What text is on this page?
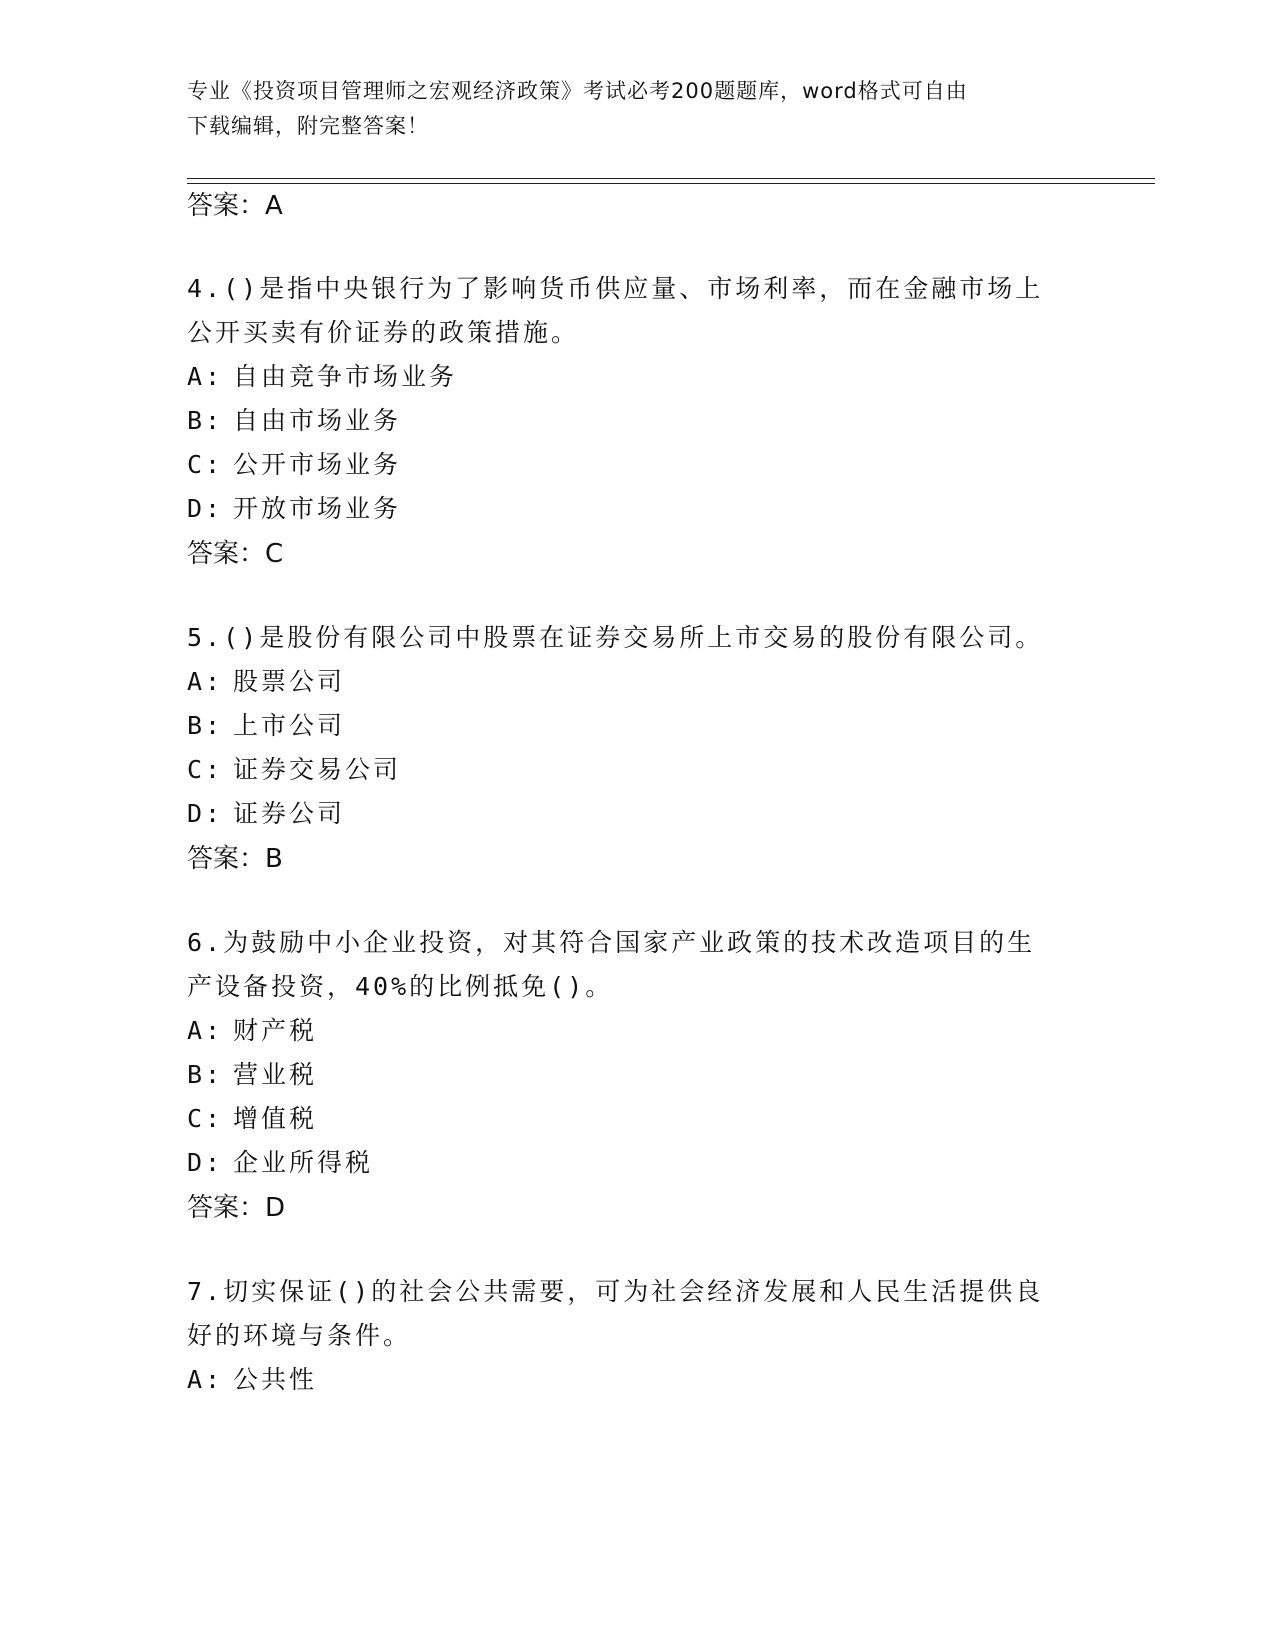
专业《投资项目管理师之宏观经济政策》考试必考200题题库，word格式可自由
下载编辑，附完整答案！
答案：A
4.()是指中央银行为了影响货币供应量、市场利率，而在金融市场上
公开买卖有价证券的政策措施。
A: 自由竞争市场业务
B: 自由市场业务
C: 公开市场业务
D: 开放市场业务
答案：C
5.()是股份有限公司中股票在证券交易所上市交易的股份有限公司。
A: 股票公司
B: 上市公司
C: 证券交易公司
D: 证券公司
答案：B
6.为鼓励中小企业投资，对其符合国家产业政策的技术改造项目的生
产设备投资，40%的比例抵免()。
A: 财产税
B: 营业税
C: 增值税
D: 企业所得税
答案：D
7.切实保证()的社会公共需要，可为社会经济发展和人民生活提供良
好的环境与条件。
A: 公共性
